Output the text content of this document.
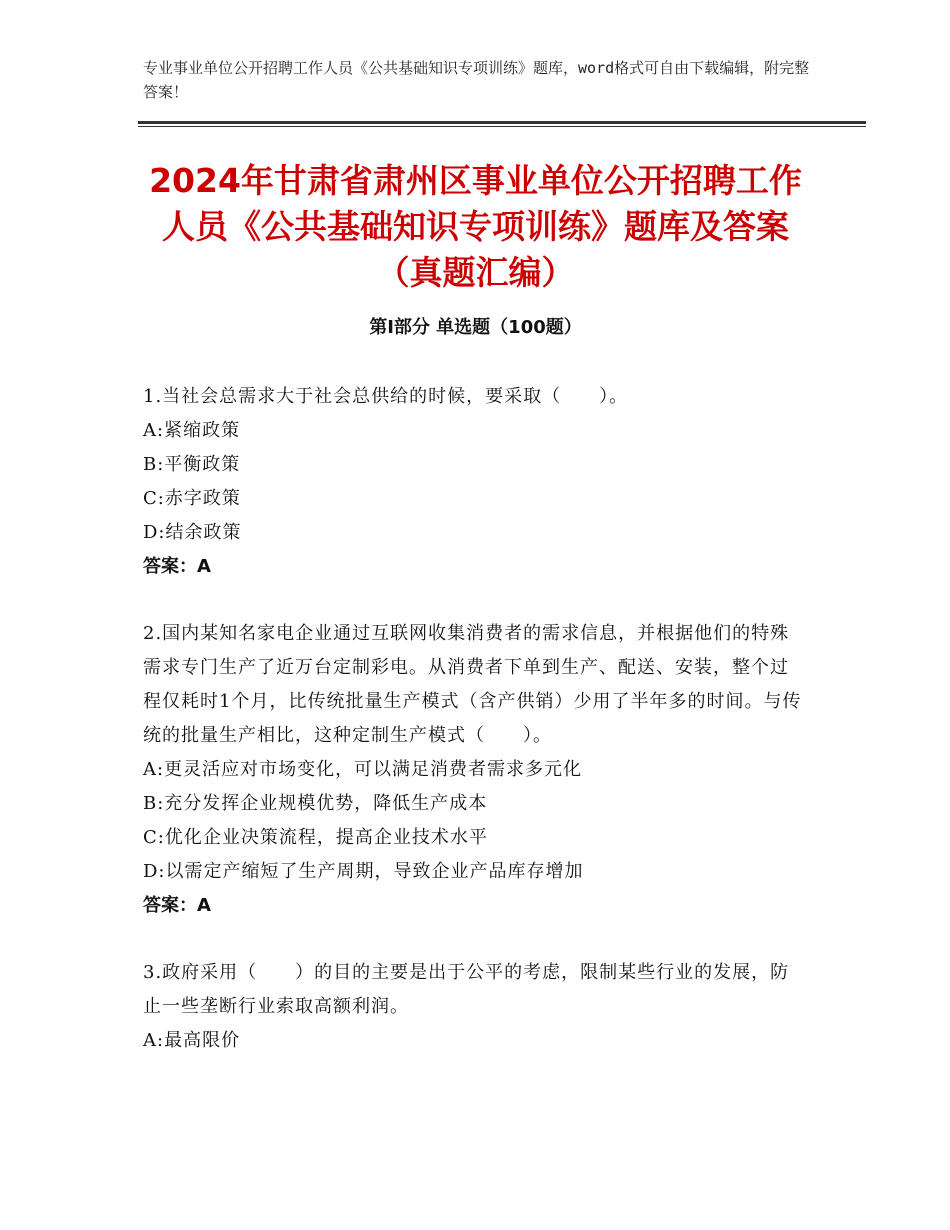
专业事业单位公开招聘工作人员《公共基础知识专项训练》题库，word格式可自由下载编辑，附完整答案！
2024年甘肃省肃州区事业单位公开招聘工作
人员《公共基础知识专项训练》题库及答案
（真题汇编）
第Ⅰ部分 单选题（100题）

1.当社会总需求大于社会总供给的时候，要采取（　　）。

A:紧缩政策

B:平衡政策

C:赤字政策

D:结余政策

答案：A

2.国内某知名家电企业通过互联网收集消费者的需求信息，并根据他们的特殊需求专门生产了近万台定制彩电。从消费者下单到生产、配送、安装，整个过程仅耗时1个月，比传统批量生产模式（含产供销）少用了半年多的时间。与传统的批量生产相比，这种定制生产模式（　　）。

A:更灵活应对市场变化，可以满足消费者需求多元化

B:充分发挥企业规模优势，降低生产成本

C:优化企业决策流程，提高企业技术水平

D:以需定产缩短了生产周期，导致企业产品库存增加

答案：A

3.政府采用（　　）的目的主要是出于公平的考虑，限制某些行业的发展，防止一些垄断行业索取高额利润。

A:最高限价
